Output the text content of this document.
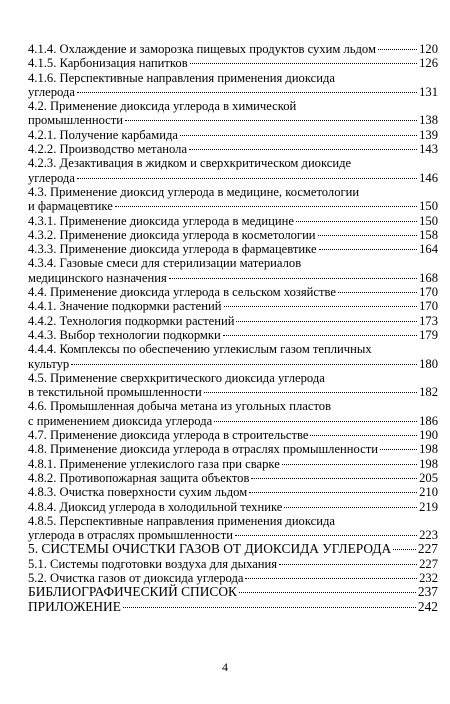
4.1.4. Охлаждение и заморозка пищевых продуктов сухим льдом	120
4.1.5. Карбонизация напитков	126
4.1.6. Перспективные направления применения диоксида
углерода	131
4.2. Применение диоксида углерода в химической
промышленности	138
4.2.1. Получение карбамида	139
4.2.2. Производство метанола	143
4.2.3. Дезактивация в жидком и сверхкритическом диоксиде
углерода	146
4.3. Применение диоксид углерода в медицине, косметологии
и фармацевтике	150
4.3.1. Применение диоксида углерода в медицине	150
4.3.2. Применение диоксида углерода в косметологии	158
4.3.3. Применение диоксида углерода в фармацевтике	164
4.3.4. Газовые смеси для стерилизации материалов
медицинского назначения	168
4.4. Применение диоксида углерода в сельском хозяйстве	170
4.4.1. Значение подкормки растений	170
4.4.2. Технология подкормки растений	173
4.4.3. Выбор технологии подкормки	179
4.4.4. Комплексы по обеспечению углекислым газом тепличных
культур	180
4.5. Применение сверхкритического диоксида углерода
в текстильной промышленности	182
4.6. Промышленная добыча метана из угольных пластов
с применением диоксида углерода	186
4.7. Применение диоксида углерода в строительстве	190
4.8. Применение диоксида углерода в отраслях промышленности	198
4.8.1. Применение углекислого газа при сварке	198
4.8.2. Противопожарная защита объектов	205
4.8.3. Очистка поверхности сухим льдом	210
4.8.4. Диоксид углерода в холодильной технике	219
4.8.5. Перспективные направления применения диоксида
углерода в отраслях промышленности	223
5. СИСТЕМЫ ОЧИСТКИ ГАЗОВ ОТ ДИОКСИДА УГЛЕРОДА 227
5.1. Системы подготовки воздуха для дыхания	227
5.2. Очистка газов от диоксида углерода	232
БИБЛИОГРАФИЧЕСКИЙ СПИСОК	237
ПРИЛОЖЕНИЕ	242
4
